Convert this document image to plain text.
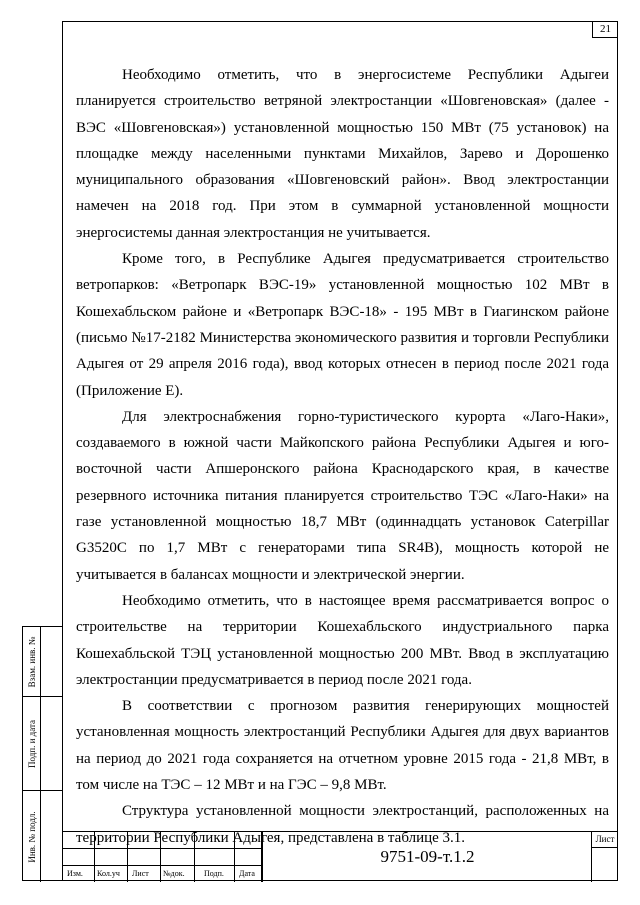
21

Необходимо отметить, что в энергосистеме Республики Адыгеи планируется строительство ветряной электростанции «Шовгеновская» (далее - ВЭС «Шовгеновская») установленной мощностью 150 МВт (75 установок) на площадке между населенными пунктами Михайлов, Зарево и Дорошенко муниципального образования «Шовгеновский район». Ввод электростанции намечен на 2018 год. При этом в суммарной установленной мощности энергосистемы данная электростанция не учитывается.

Кроме того, в Республике Адыгея предусматривается строительство ветропарков: «Ветропарк ВЭС-19» установленной мощностью 102 МВт в Кошехабльском районе и «Ветропарк ВЭС-18» - 195 МВт в Гиагинском районе (письмо №17-2182 Министерства экономического развития и торговли Республики Адыгея от 29 апреля 2016 года), ввод которых отнесен в период после 2021 года (Приложение Е).

Для электроснабжения горно-туристического курорта «Лаго-Наки», создаваемого в южной части Майкопского района Республики Адыгея и юго-восточной части Апшеронского района Краснодарского края, в качестве резервного источника питания планируется строительство ТЭС «Лаго-Наки» на газе установленной мощностью 18,7 МВт (одиннадцать установок Caterpillar G3520C по 1,7 МВт с генераторами типа SR4B), мощность которой не учитывается в балансах мощности и электрической энергии.

Необходимо отметить, что в настоящее время рассматривается вопрос о строительстве на территории Кошехабльского индустриального парка Кошехабльской ТЭЦ установленной мощностью 200 МВт. Ввод в эксплуатацию электростанции предусматривается в период после 2021 года.

В соответствии с прогнозом развития генерирующих мощностей установленная мощность электростанций Республики Адыгея для двух вариантов на период до 2021 года сохраняется на отчетном уровне 2015 года - 21,8 МВт, в том числе на ТЭС – 12 МВт и на ГЭС – 9,8 МВт.

Структура установленной мощности электростанций, расположенных на территории Республики Адыгея, представлена в таблице 3.1.

Взам. инв. №
Подп. и дата
Инв. № подл.
Изм. Кол.уч Лист №док. Подп. Дата
9751-09-т.1.2
Лист
